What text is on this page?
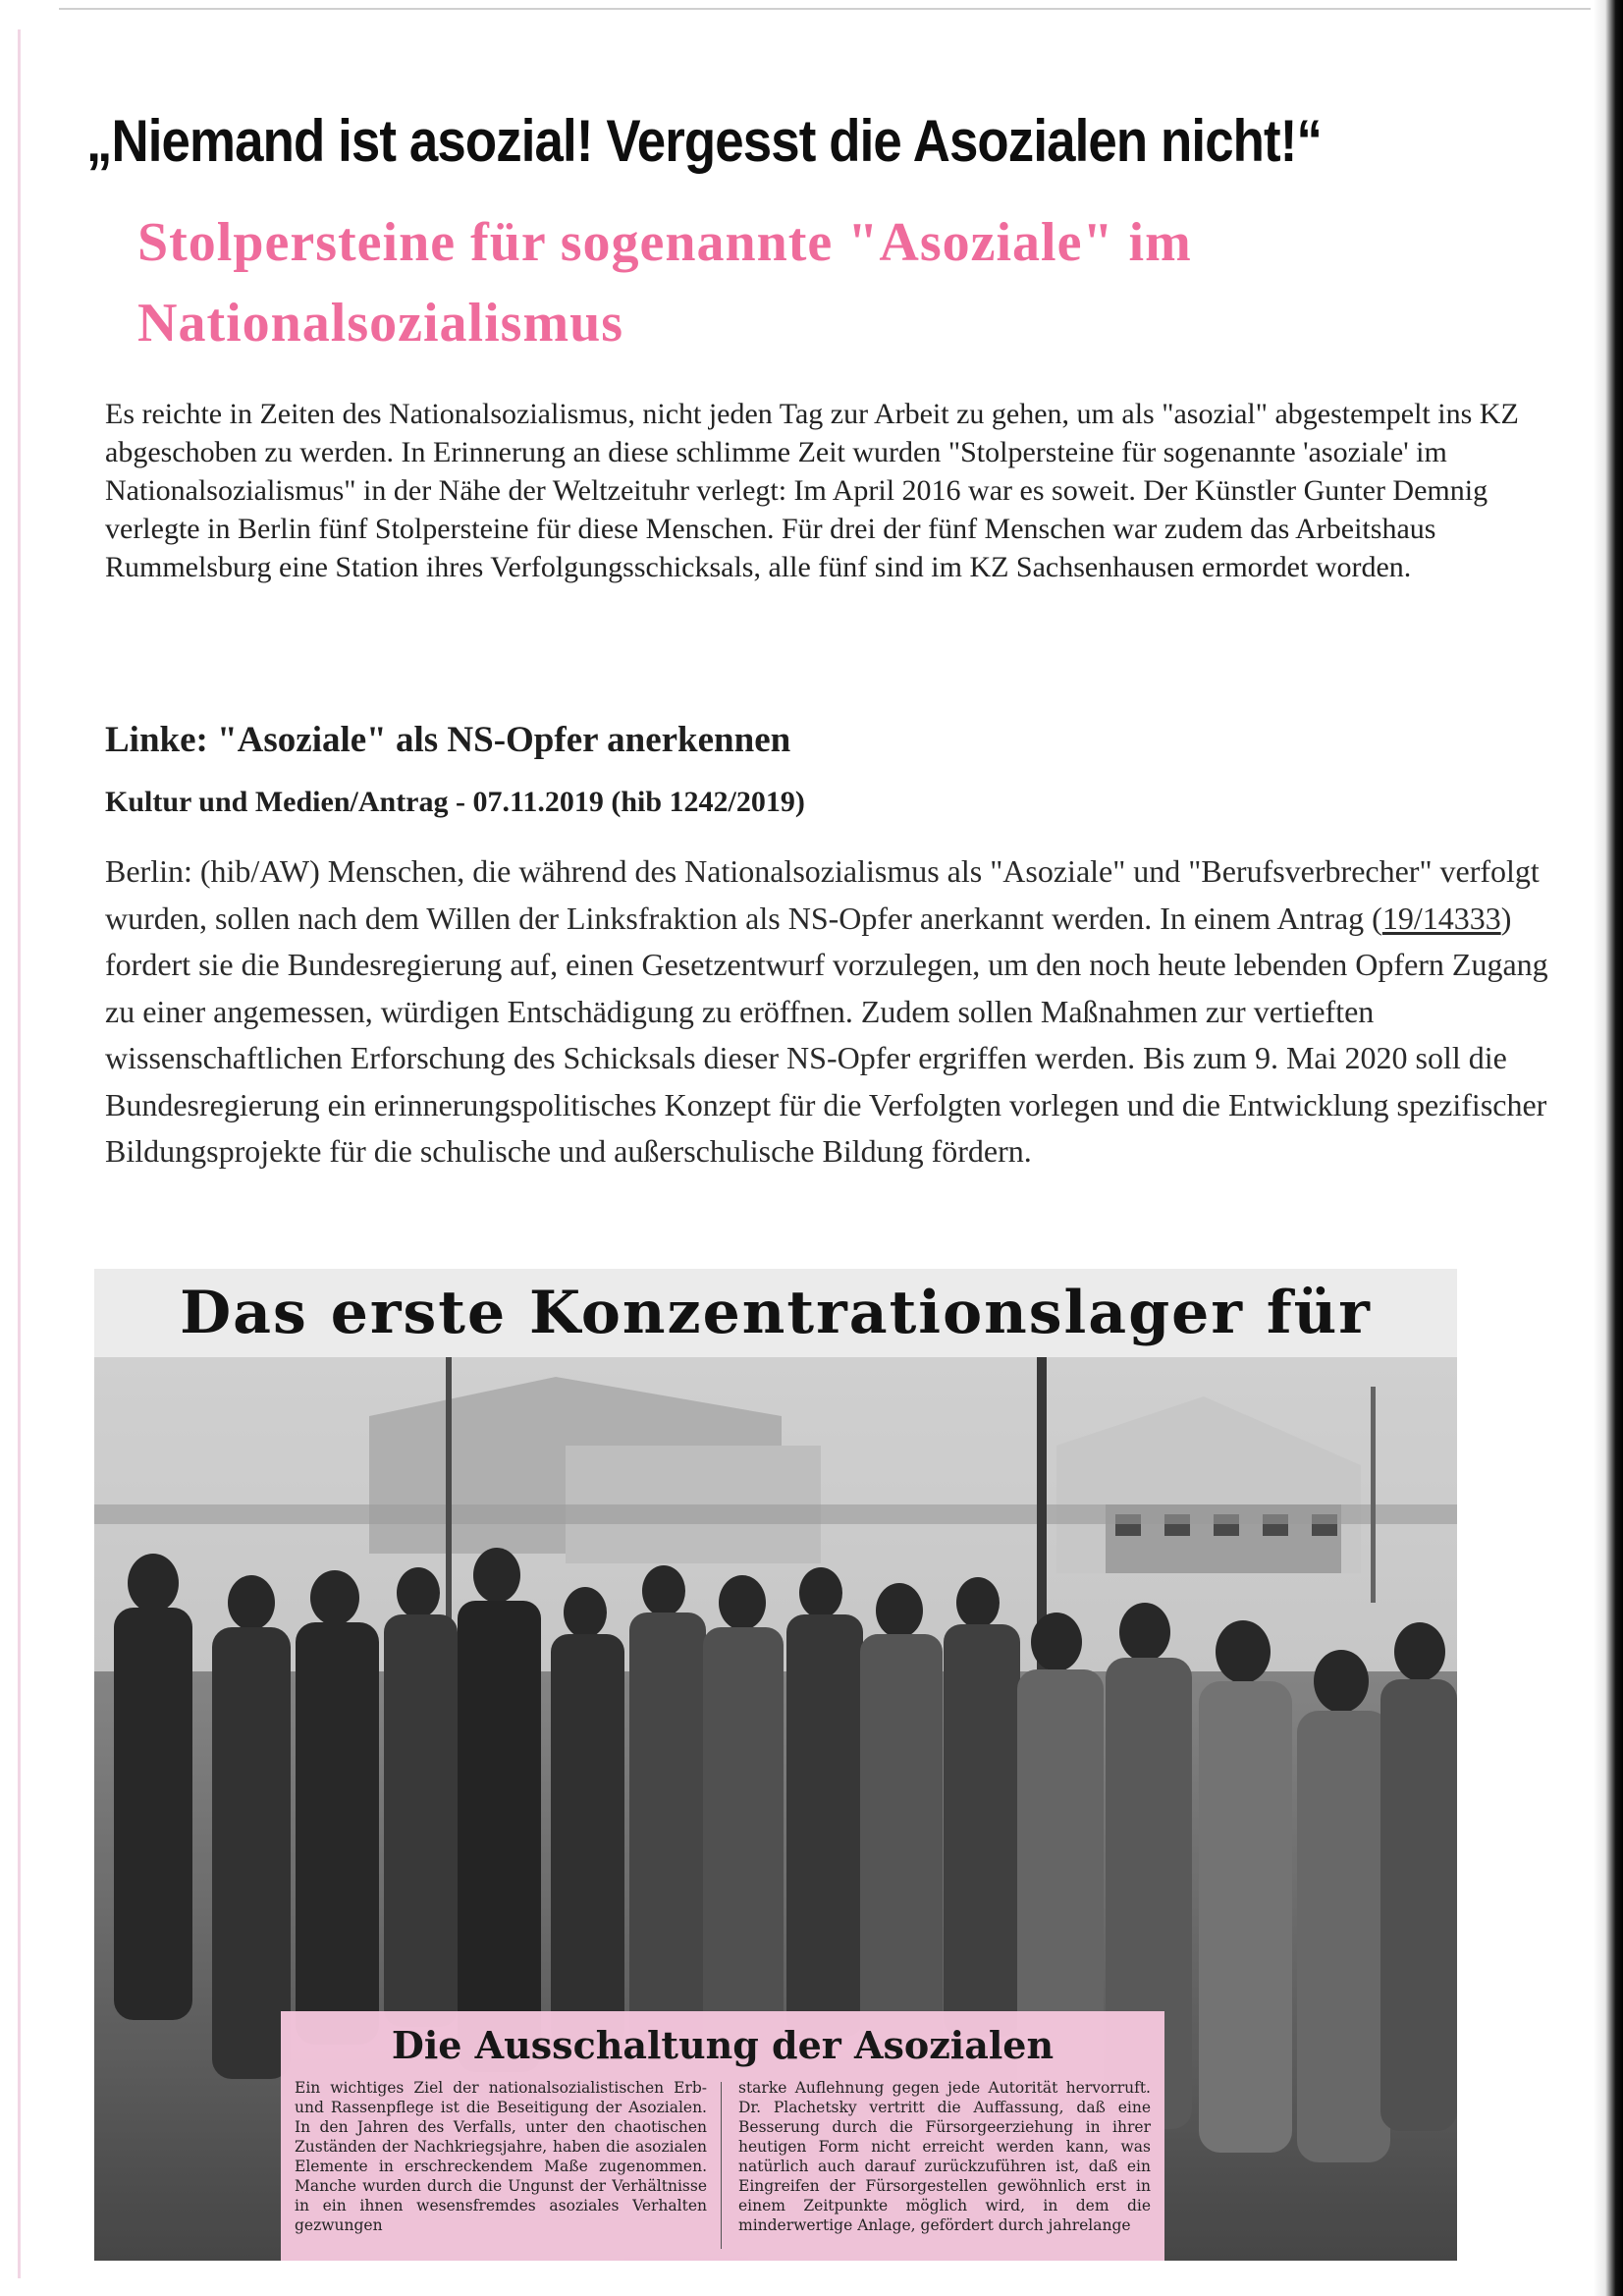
„Niemand ist asozial! Vergesst die Asozialen nicht!“
Stolpersteine für sogenannte "Asoziale" im Nationalsozialismus
Es reichte in Zeiten des Nationalsozialismus, nicht jeden Tag zur Arbeit zu gehen, um als "asozial" abgestempelt ins KZ abgeschoben zu werden. In Erinnerung an diese schlimme Zeit wurden "Stolpersteine für sogenannte 'asoziale' im Nationalsozialismus" in der Nähe der Weltzeituhr verlegt: Im April 2016 war es soweit. Der Künstler Gunter Demnig verlegte in Berlin fünf Stolpersteine für diese Menschen. Für drei der fünf Menschen war zudem das Arbeitshaus Rummelsburg eine Station ihres Verfolgungsschicksals, alle fünf sind im KZ Sachsenhausen ermordet worden.
Linke: "Asoziale" als NS-Opfer anerkennen
Kultur und Medien/Antrag - 07.11.2019 (hib 1242/2019)
Berlin: (hib/AW) Menschen, die während des Nationalsozialismus als "Asoziale" und "Berufsverbrecher" verfolgt wurden, sollen nach dem Willen der Linksfraktion als NS-Opfer anerkannt werden. In einem Antrag (19/14333) fordert sie die Bundesregierung auf, einen Gesetzentwurf vorzulegen, um den noch heute lebenden Opfern Zugang zu einer angemessen, würdigen Entschädigung zu eröffnen. Zudem sollen Maßnahmen zur vertieften wissenschaftlichen Erforschung des Schicksals dieser NS-Opfer ergriffen werden. Bis zum 9. Mai 2020 soll die Bundesregierung ein erinnerungspolitisches Konzept für die Verfolgten vorlegen und die Entwicklung spezifischer Bildungsprojekte für die schulische und außerschulische Bildung fördern.
Das erste Konzentrationslager für
Die Ausschaltung der Asozialen
Ein wichtiges Ziel der nationalsozialistischen Erb- und Rassenpflege ist die Beseitigung der Asozialen. In den Jahren des Verfalls, unter den chaotischen Zuständen der Nachkriegsjahre, haben die asozialen Elemente in erschreckendem Maße zugenommen. Manche wurden durch die Ungunst der Verhältnisse in ein ihnen wesensfremdes asoziales Verhalten gezwungen
starke Auflehnung gegen jede Autorität hervorruft. Dr. Plachetsky vertritt die Auffassung, daß eine Besserung durch die Fürsorgeerziehung in ihrer heutigen Form nicht erreicht werden kann, was natürlich auch darauf zurückzuführen ist, daß ein Eingreifen der Fürsorgestellen gewöhnlich erst in einem Zeitpunkte möglich wird, in dem die minderwertige Anlage, gefördert durch jahrelange
